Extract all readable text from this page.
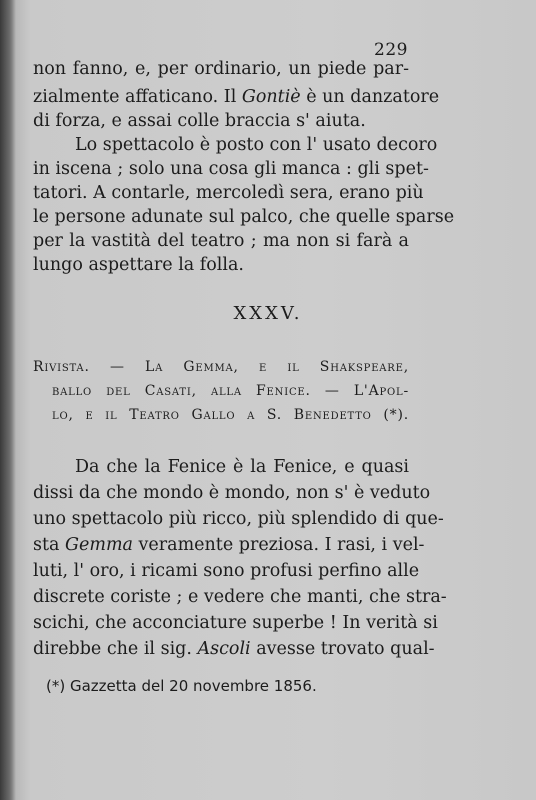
229
non fanno, e, per ordinario, un piede par-
zialmente affaticano. Il Gontiè è un danzatore
di forza, e assai colle braccia s' aiuta.
Lo spettacolo è posto con l' usato decoro
in iscena ; solo una cosa gli manca : gli spet-
tatori. A contarle, mercoledì sera, erano più
le persone adunate sul palco, che quelle sparse
per la vastità del teatro ; ma non si farà a
lungo aspettare la folla.
XXXV.
Rivista. — La Gemma, e il Shakspeare,
ballo del Casati, alla Fenice. — L'Apol-
lo, e il Teatro Gallo a S. Benedetto (*).
Da che la Fenice è la Fenice, e quasi
dissi da che mondo è mondo, non s' è veduto
uno spettacolo più ricco, più splendido di que-
sta Gemma veramente preziosa. I rasi, i vel-
luti, l' oro, i ricami sono profusi perfino alle
discrete coriste ; e vedere che manti, che stra-
scichi, che acconciature superbe ! In verità si
direbbe che il sig. Ascoli avesse trovato qual-
(*) Gazzetta del 20 novembre 1856.
